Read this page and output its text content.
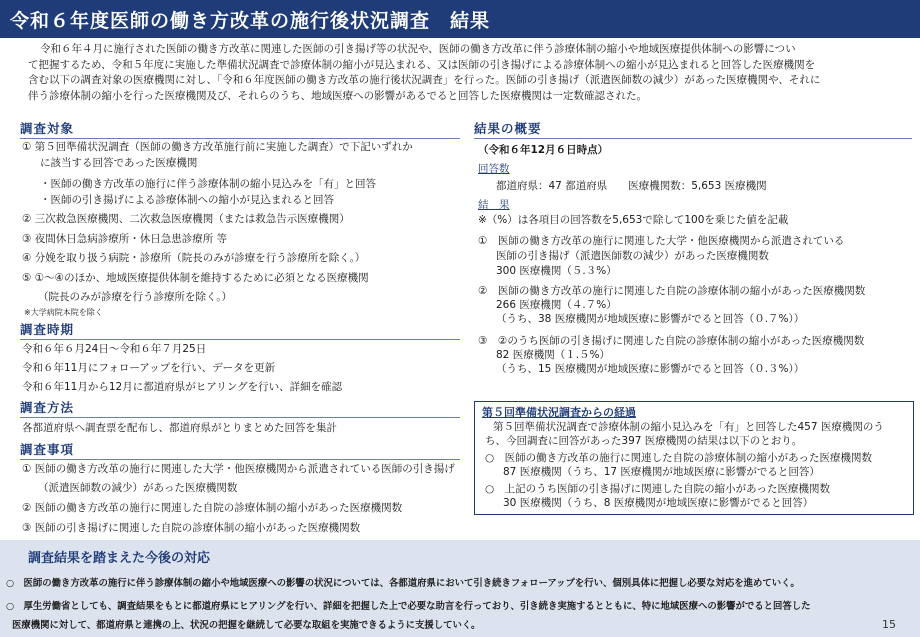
令和６年度医師の働き方改革の施行後状況調査　結果
令和６年４月に施行された医師の働き方改革に関連した医師の引き揚げ等の状況や、医師の働き方改革に伴う診療体制の縮小や地域医療提供体制への影響につい
て把握するため、令和５年度に実施した準備状況調査で診療体制の縮小が見込まれる、又は医師の引き揚げによる診療体制への縮小が見込まれると回答した医療機関を
含む以下の調査対象の医療機関に対し、「令和６年度医師の働き方改革の施行後状況調査」を行った。医師の引き揚げ（派遣医師数の減少）があった医療機関や、それに
伴う診療体制の縮小を行った医療機関及び、それらのうち、地域医療への影響があるでると回答した医療機関は一定数確認された。
調査対象
① 第５回準備状況調査（医師の働き方改革施行前に実施した調査）で下記いずれか
に該当する回答であった医療機関
・医師の働き方改革の施行に伴う診療体制の縮小見込みを「有」と回答
・医師の引き揚げによる診療体制への縮小が見込まれると回答
② 三次救急医療機関、二次救急医療機関（または救急告示医療機関）
③ 夜間休日急病診療所・休日急患診療所 等
④ 分娩を取り扱う病院・診療所（院長のみが診療を行う診療所を除く。）
⑤ ①～④のほか、地域医療提供体制を維持するために必須となる医療機関
（院長のみが診療を行う診療所を除く。）
※大学病院本院を除く
調査時期
令和６年６月24日～令和６年７月25日
令和６年11月にフォローアップを行い、データを更新
令和６年11月から12月に都道府県がヒアリングを行い、詳細を確認
調査方法
各都道府県へ調査票を配布し、都道府県がとりまとめた回答を集計
調査事項
① 医師の働き方改革の施行に関連した大学・他医療機関から派遣されている医師の引き揚げ
（派遣医師数の減少）があった医療機関数
② 医師の働き方改革の施行に関連した自院の診療体制の縮小があった医療機関数
③ 医師の引き揚げに関連した自院の診療体制の縮小があった医療機関数
結果の概要
（令和６年12月６日時点）
回答数
都道府県：47 都道府県　　医療機関数：5,653 医療機関
結　果
※（%）は各項目の回答数を5,653で除して100を乗じた値を記載
①　医師の働き方改革の施行に関連した大学・他医療機関から派遣されている
医師の引き揚げ（派遣医師数の減少）があった医療機関数
300 医療機関（５.３%）
②　医師の働き方改革の施行に関連した自院の診療体制の縮小があった医療機関数
266 医療機関（４.７%）
（うち、38 医療機関が地域医療に影響がでると回答（０.７%））
③　②のうち医師の引き揚げに関連した自院の診療体制の縮小があった医療機関数
82 医療機関（１.５%）
（うち、15 医療機関が地域医療に影響がでると回答（０.３%））
第５回準備状況調査からの経過
第５回準備状況調査で診療体制の縮小見込みを「有」と回答した457 医療機関のう
ち、今回調査に回答があった397 医療機関の結果は以下のとおり。
○　医師の働き方改革の施行に関連した自院の診療体制の縮小があった医療機関数
87 医療機関（うち、17 医療機関が地域医療に影響がでると回答）
○　上記のうち医師の引き揚げに関連した自院の縮小があった医療機関数
30 医療機関（うち、8 医療機関が地域医療に影響がでると回答）
調査結果を踏まえた今後の対応
○　医師の働き方改革の施行に伴う診療体制の縮小や地域医療への影響の状況については、各都道府県において引き続きフォローアップを行い、個別具体に把握し必要な対応を進めていく。
○　厚生労働省としても、調査結果をもとに都道府県にヒアリングを行い、詳細を把握した上で必要な助言を行っており、引き続き実施するとともに、特に地域医療への影響がでると回答した
医療機関に対して、都道府県と連携の上、状況の把握を継続して必要な取組を実施できるように支援していく。	15
